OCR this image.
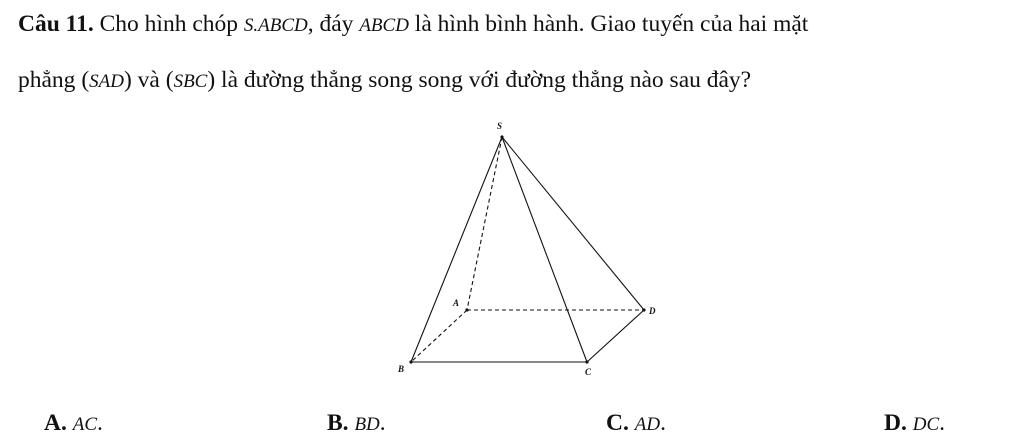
Câu 11. Cho hình chóp S.ABCD, đáy ABCD là hình bình hành. Giao tuyến của hai mặt
phẳng (SAD) và (SBC) là đường thẳng song song với đường thẳng nào sau đây?
S
A
B	C
D
A. AC.	B. BD.	C. AD.	D. DC.
